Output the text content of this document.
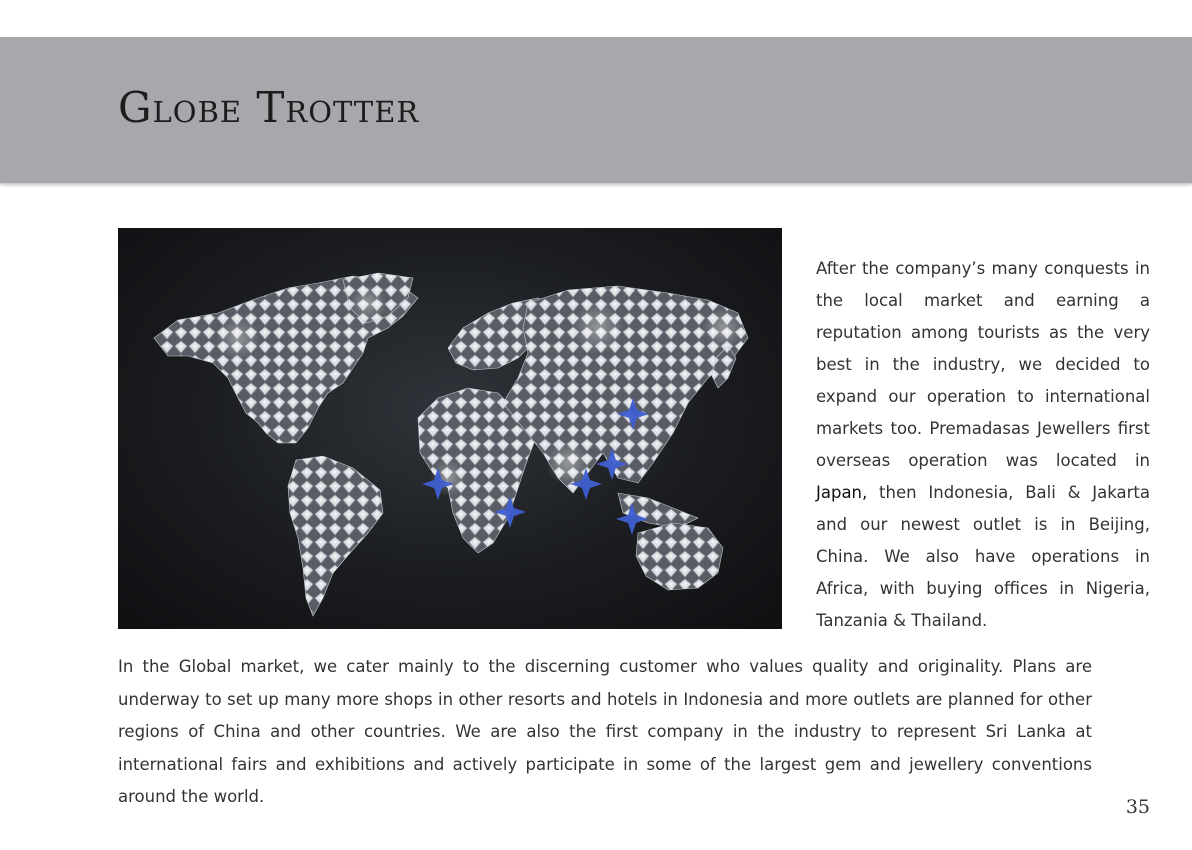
Globe Trotter

After the company’s many conquests in the local market and earning a reputation among tourists as the very best in the industry, we decided to expand our operation to international markets too. Premadasas Jewellers first overseas operation was located in Japan, then Indonesia, Bali & Jakarta and our newest outlet is in Beijing, China. We also have operations in Africa, with buying offices in Nigeria, Tanzania & Thailand.

In the Global market, we cater mainly to the discerning customer who values quality and originality. Plans are underway to set up many more shops in other resorts and hotels in Indonesia and more outlets are planned for other regions of China and other countries. We are also the first company in the industry to represent Sri Lanka at international fairs and exhibitions and actively participate in some of the largest gem and jewellery conventions around the world.	35
